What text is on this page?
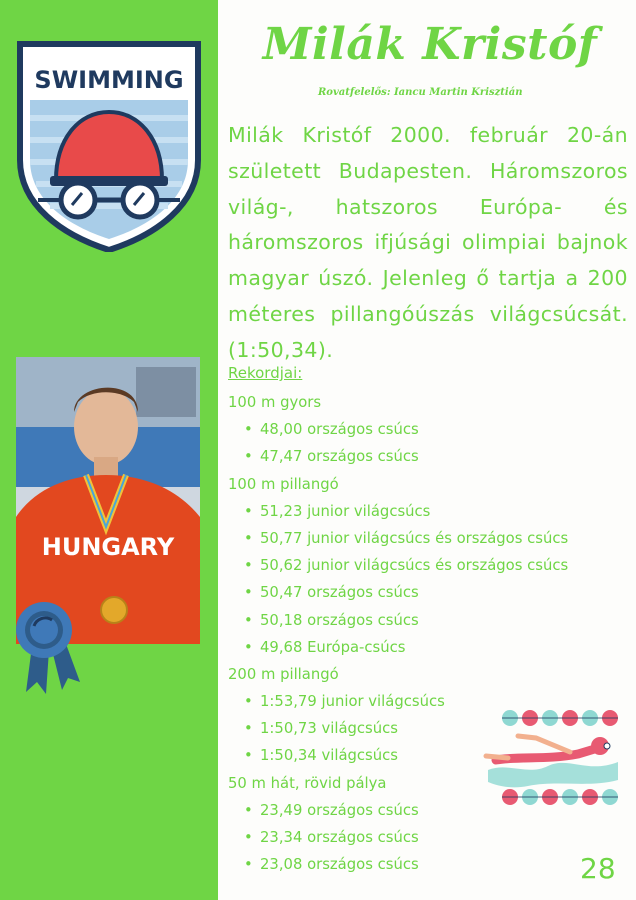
SWIMMING
HUNGARY
Milák Kristóf
Rovatfelelős: Iancu Martin Krisztián
Milák Kristóf 2000. február 20-án született Budapesten. Háromszoros világ-, hatszoros Európa- és háromszoros ifjúsági olimpiai bajnok magyar úszó. Jelenleg ő tartja a 200 méteres pillangóúszás világcsúcsát. (1:50,34).
Rekordjai:
100 m gyors
• 48,00 országos csúcs
• 47,47 országos csúcs
100 m pillangó
• 51,23 junior világcsúcs
• 50,77 junior világcsúcs és országos csúcs
• 50,62 junior világcsúcs és országos csúcs
• 50,47 országos csúcs
• 50,18 országos csúcs
• 49,68 Európa-csúcs
200 m pillangó
• 1:53,79 junior világcsúcs
• 1:50,73 világcsúcs
• 1:50,34 világcsúcs
50 m hát, rövid pálya
• 23,49 országos csúcs
• 23,34 országos csúcs
• 23,08 országos csúcs	28
